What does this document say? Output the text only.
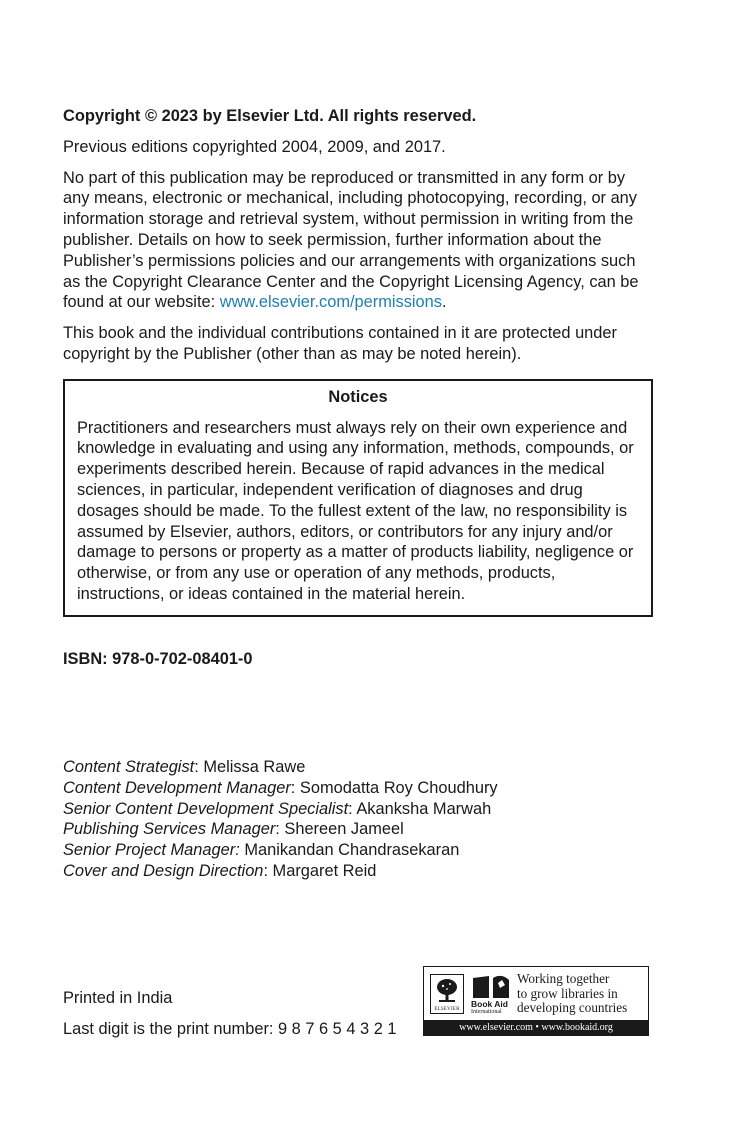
Copyright © 2023 by Elsevier Ltd. All rights reserved.

Previous editions copyrighted 2004, 2009, and 2017.

No part of this publication may be reproduced or transmitted in any form or by any means, electronic or mechanical, including photocopying, recording, or any information storage and retrieval system, without permission in writing from the publisher. Details on how to seek permission, further information about the Publisher’s permissions policies and our arrangements with organizations such as the Copyright Clearance Center and the Copyright Licensing Agency, can be found at our website: www.elsevier.com/permissions.

This book and the individual contributions contained in it are protected under copyright by the Publisher (other than as may be noted herein).

Notices

Practitioners and researchers must always rely on their own experience and knowledge in evaluating and using any information, methods, compounds, or experiments described herein. Because of rapid advances in the medical sciences, in particular, independent verification of diagnoses and drug dosages should be made. To the fullest extent of the law, no responsibility is assumed by Elsevier, authors, editors, or contributors for any injury and/or damage to persons or property as a matter of products liability, negligence or otherwise, or from any use or operation of any methods, products, instructions, or ideas contained in the material herein.

ISBN: 978-0-702-08401-0

Content Strategist: Melissa Rawe
Content Development Manager: Somodatta Roy Choudhury
Senior Content Development Specialist: Akanksha Marwah
Publishing Services Manager: Shereen Jameel
Senior Project Manager: Manikandan Chandrasekaran
Cover and Design Direction: Margaret Reid

Printed in India

Last digit is the print number: 9 8 7 6 5 4 3 2 1

ELSEVIER
Book Aid
International
Working together
to grow libraries in
developing countries
www.elsevier.com • www.bookaid.org
